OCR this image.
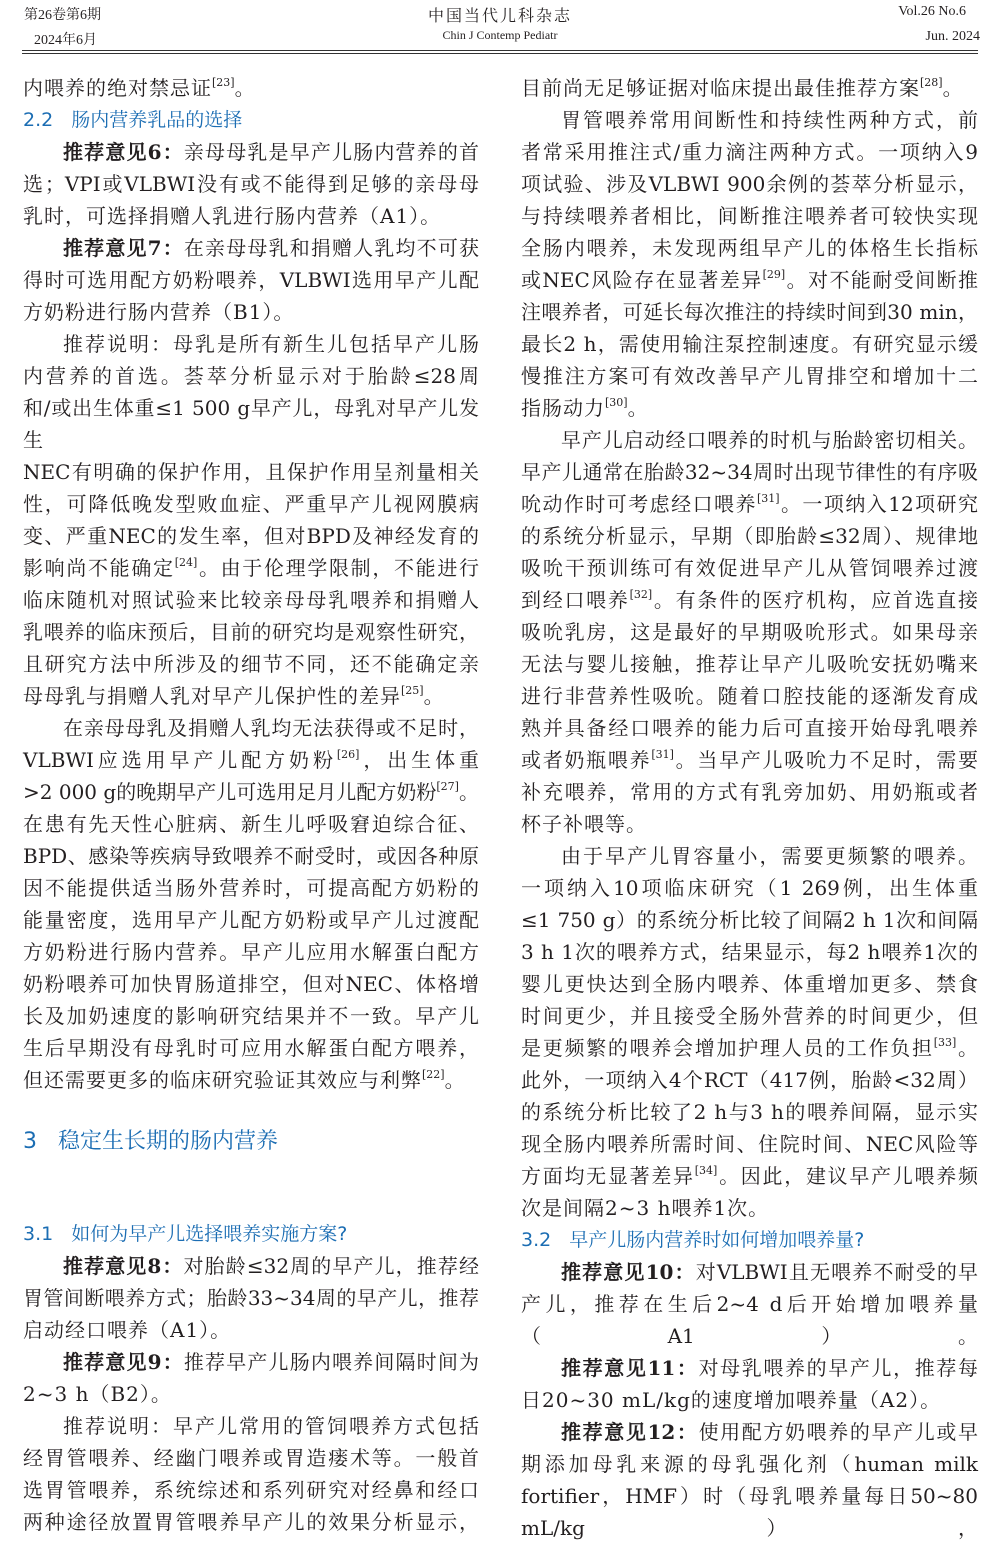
第26卷第6期
2024年6月
中国当代儿科杂志
Chin J Contemp Pediatr
Vol.26 No.6
Jun. 2024
内喂养的绝对禁忌证[23]。
2.2 肠内营养乳品的选择
推荐意见6：亲母母乳是早产儿肠内营养的首
选；VPI或VLBWI没有或不能得到足够的亲母母
乳时，可选择捐赠人乳进行肠内营养（A1）。
推荐意见7：在亲母母乳和捐赠人乳均不可获
得时可选用配方奶粉喂养，VLBWI选用早产儿配
方奶粉进行肠内营养（B1）。
推荐说明：母乳是所有新生儿包括早产儿肠
内营养的首选。荟萃分析显示对于胎龄≤28周
和/或出生体重≤1 500 g早产儿，母乳对早产儿发生
NEC有明确的保护作用，且保护作用呈剂量相关
性，可降低晚发型败血症、严重早产儿视网膜病
变、严重NEC的发生率，但对BPD及神经发育的
影响尚不能确定[24]。由于伦理学限制，不能进行
临床随机对照试验来比较亲母母乳喂养和捐赠人
乳喂养的临床预后，目前的研究均是观察性研究，
且研究方法中所涉及的细节不同，还不能确定亲
母母乳与捐赠人乳对早产儿保护性的差异[25]。
在亲母母乳及捐赠人乳均无法获得或不足时，
VLBWI应选用早产儿配方奶粉[26]，出生体重
>2 000 g的晚期早产儿可选用足月儿配方奶粉[27]。
在患有先天性心脏病、新生儿呼吸窘迫综合征、
BPD、感染等疾病导致喂养不耐受时，或因各种原
因不能提供适当肠外营养时，可提高配方奶粉的
能量密度，选用早产儿配方奶粉或早产儿过渡配
方奶粉进行肠内营养。早产儿应用水解蛋白配方
奶粉喂养可加快胃肠道排空，但对NEC、体格增
长及加奶速度的影响研究结果并不一致。早产儿
生后早期没有母乳时可应用水解蛋白配方喂养，
但还需要更多的临床研究验证其效应与利弊[22]。
3 稳定生长期的肠内营养
3.1 如何为早产儿选择喂养实施方案?
推荐意见8：对胎龄≤32周的早产儿，推荐经
胃管间断喂养方式；胎龄33~34周的早产儿，推荐
启动经口喂养（A1）。
推荐意见9：推荐早产儿肠内喂养间隔时间为
2~3 h（B2）。
推荐说明：早产儿常用的管饲喂养方式包括
经胃管喂养、经幽门喂养或胃造瘘术等。一般首
选胃管喂养，系统综述和系列研究对经鼻和经口
两种途径放置胃管喂养早产儿的效果分析显示，
目前尚无足够证据对临床提出最佳推荐方案[28]。
胃管喂养常用间断性和持续性两种方式，前
者常采用推注式/重力滴注两种方式。一项纳入9
项试验、涉及VLBWI 900余例的荟萃分析显示，
与持续喂养者相比，间断推注喂养者可较快实现
全肠内喂养，未发现两组早产儿的体格生长指标
或NEC风险存在显著差异[29]。对不能耐受间断推
注喂养者，可延长每次推注的持续时间到30 min，
最长2 h，需使用输注泵控制速度。有研究显示缓
慢推注方案可有效改善早产儿胃排空和增加十二
指肠动力[30]。
早产儿启动经口喂养的时机与胎龄密切相关。
早产儿通常在胎龄32~34周时出现节律性的有序吸
吮动作时可考虑经口喂养[31]。一项纳入12项研究
的系统分析显示，早期（即胎龄≤32周）、规律地
吸吮干预训练可有效促进早产儿从管饲喂养过渡
到经口喂养[32]。有条件的医疗机构，应首选直接
吸吮乳房，这是最好的早期吸吮形式。如果母亲
无法与婴儿接触，推荐让早产儿吸吮安抚奶嘴来
进行非营养性吸吮。随着口腔技能的逐渐发育成
熟并具备经口喂养的能力后可直接开始母乳喂养
或者奶瓶喂养[31]。当早产儿吸吮力不足时，需要
补充喂养，常用的方式有乳旁加奶、用奶瓶或者
杯子补喂等。
由于早产儿胃容量小，需要更频繁的喂养。
一项纳入10项临床研究（1 269例，出生体重
≤1 750 g）的系统分析比较了间隔2 h 1次和间隔
3 h 1次的喂养方式，结果显示，每2 h喂养1次的
婴儿更快达到全肠内喂养、体重增加更多、禁食
时间更少，并且接受全肠外营养的时间更少，但
是更频繁的喂养会增加护理人员的工作负担[33]。
此外，一项纳入4个RCT（417例，胎龄<32周）
的系统分析比较了2 h与3 h的喂养间隔，显示实
现全肠内喂养所需时间、住院时间、NEC风险等
方面均无显著差异[34]。因此，建议早产儿喂养频
次是间隔2~3 h喂养1次。
3.2 早产儿肠内营养时如何增加喂养量?
推荐意见10：对VLBWI且无喂养不耐受的早
产儿，推荐在生后2~4 d后开始增加喂养量（A1）。
推荐意见11：对母乳喂养的早产儿，推荐每
日20~30 mL/kg的速度增加喂养量（A2）。
推荐意见12：使用配方奶喂养的早产儿或早
期添加母乳来源的母乳强化剂（human milk
fortifier，HMF）时（母乳喂养量每日50~80 mL/kg），
